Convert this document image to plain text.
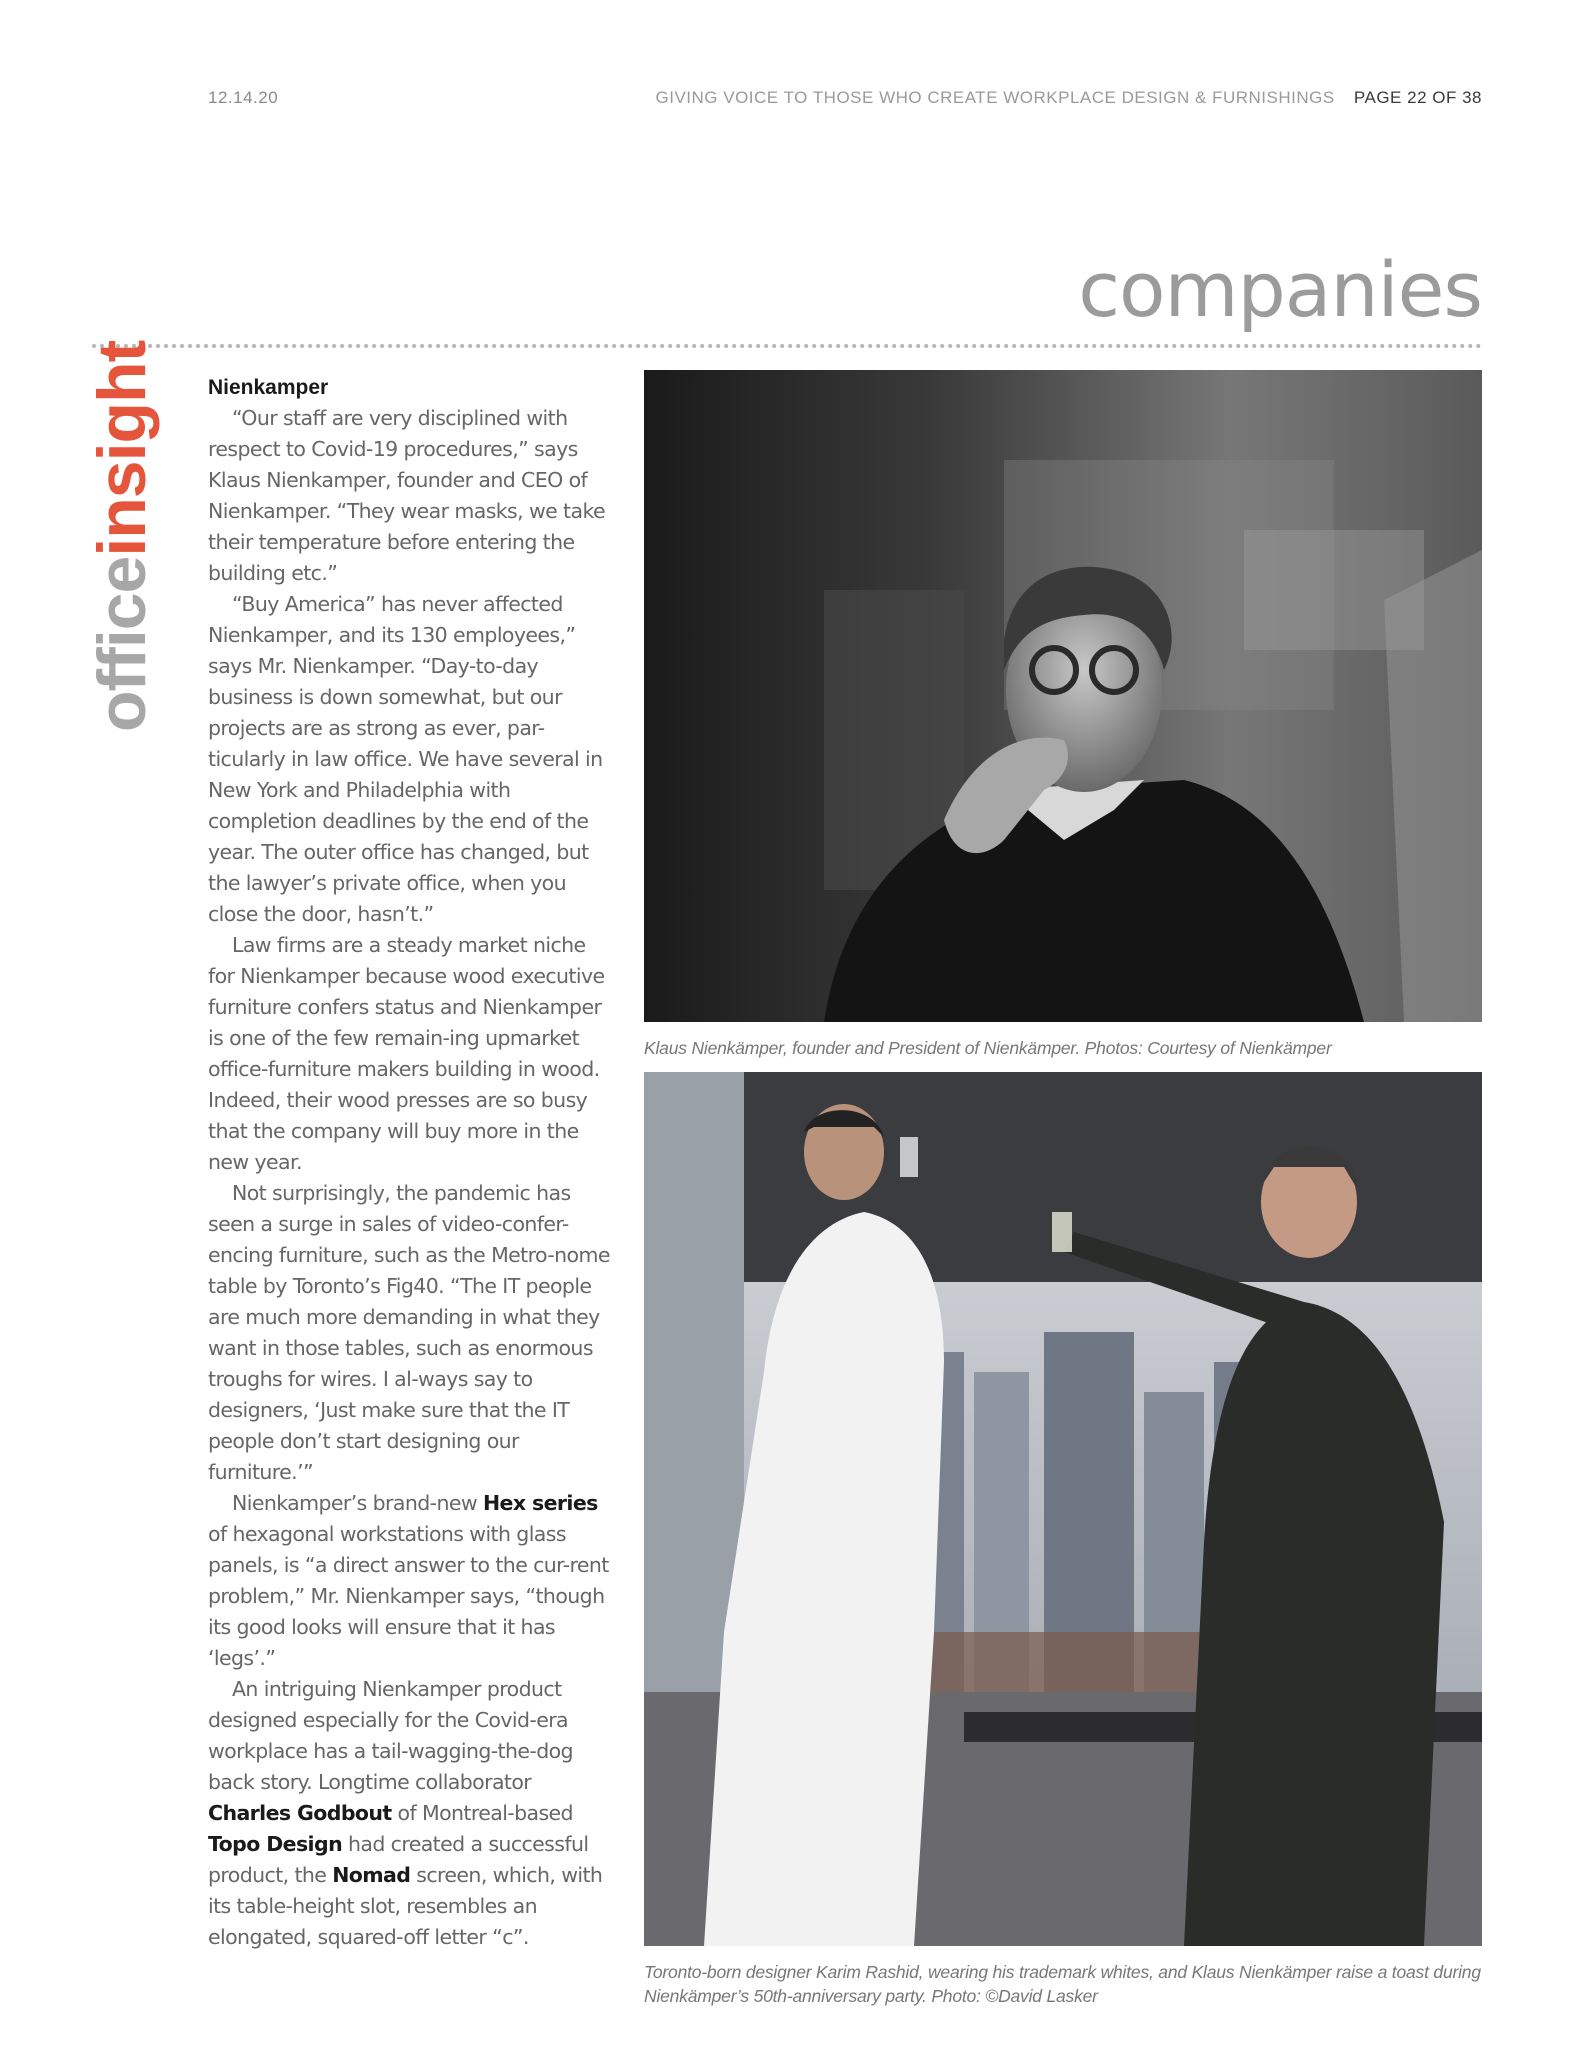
12.14.20	GIVING VOICE TO THOSE WHO CREATE WORKPLACE DESIGN & FURNISHINGS PAGE 22 OF 38
companies
officeinsight Nienkamper

“Our staff are very disciplined with respect to Covid-19 procedures,” says Klaus Nienkamper, founder and CEO of Nienkamper. “They wear masks, we take their temperature before entering the building etc.”

“Buy America” has never affected Nienkamper, and its 130 employees,” says Mr. Nienkamper. “Day-to-day business is down somewhat, but our projects are as strong as ever, par-ticularly in law office. We have several in New York and Philadelphia with completion deadlines by the end of the year. The outer office has changed, but the lawyer’s private office, when you close the door, hasn’t.”

Law firms are a steady market niche for Nienkamper because wood executive furniture confers status and Nienkamper is one of the few remain-ing upmarket office-furniture makers building in wood. Indeed, their wood presses are so busy that the company will buy more in the new year.

Not surprisingly, the pandemic has seen a surge in sales of video-confer-encing furniture, such as the Metro-nome table by Toronto’s Fig40. “The IT people are much more demanding in what they want in those tables, such as enormous troughs for wires. I al-ways say to designers, ‘Just make sure that the IT people don’t start designing our furniture.’”

Nienkamper’s brand-new Hex series of hexagonal workstations with glass panels, is “a direct answer to the cur-rent problem,” Mr. Nienkamper says, “though its good looks will ensure that it has ‘legs’.”

An intriguing Nienkamper product designed especially for the Covid-era workplace has a tail-wagging-the-dog back story. Longtime collaborator Charles Godbout of Montreal-based Topo Design had created a successful product, the Nomad screen, which, with its table-height slot, resembles an elongated, squared-off letter “c”.

Klaus Nienkämper, founder and President of Nienkämper. Photos: Courtesy of Nienkämper
Toronto-born designer Karim Rashid, wearing his trademark whites, and Klaus Nienkämper raise a toast during Nienkämper’s 50th-anniversary party. Photo: ©David Lasker
